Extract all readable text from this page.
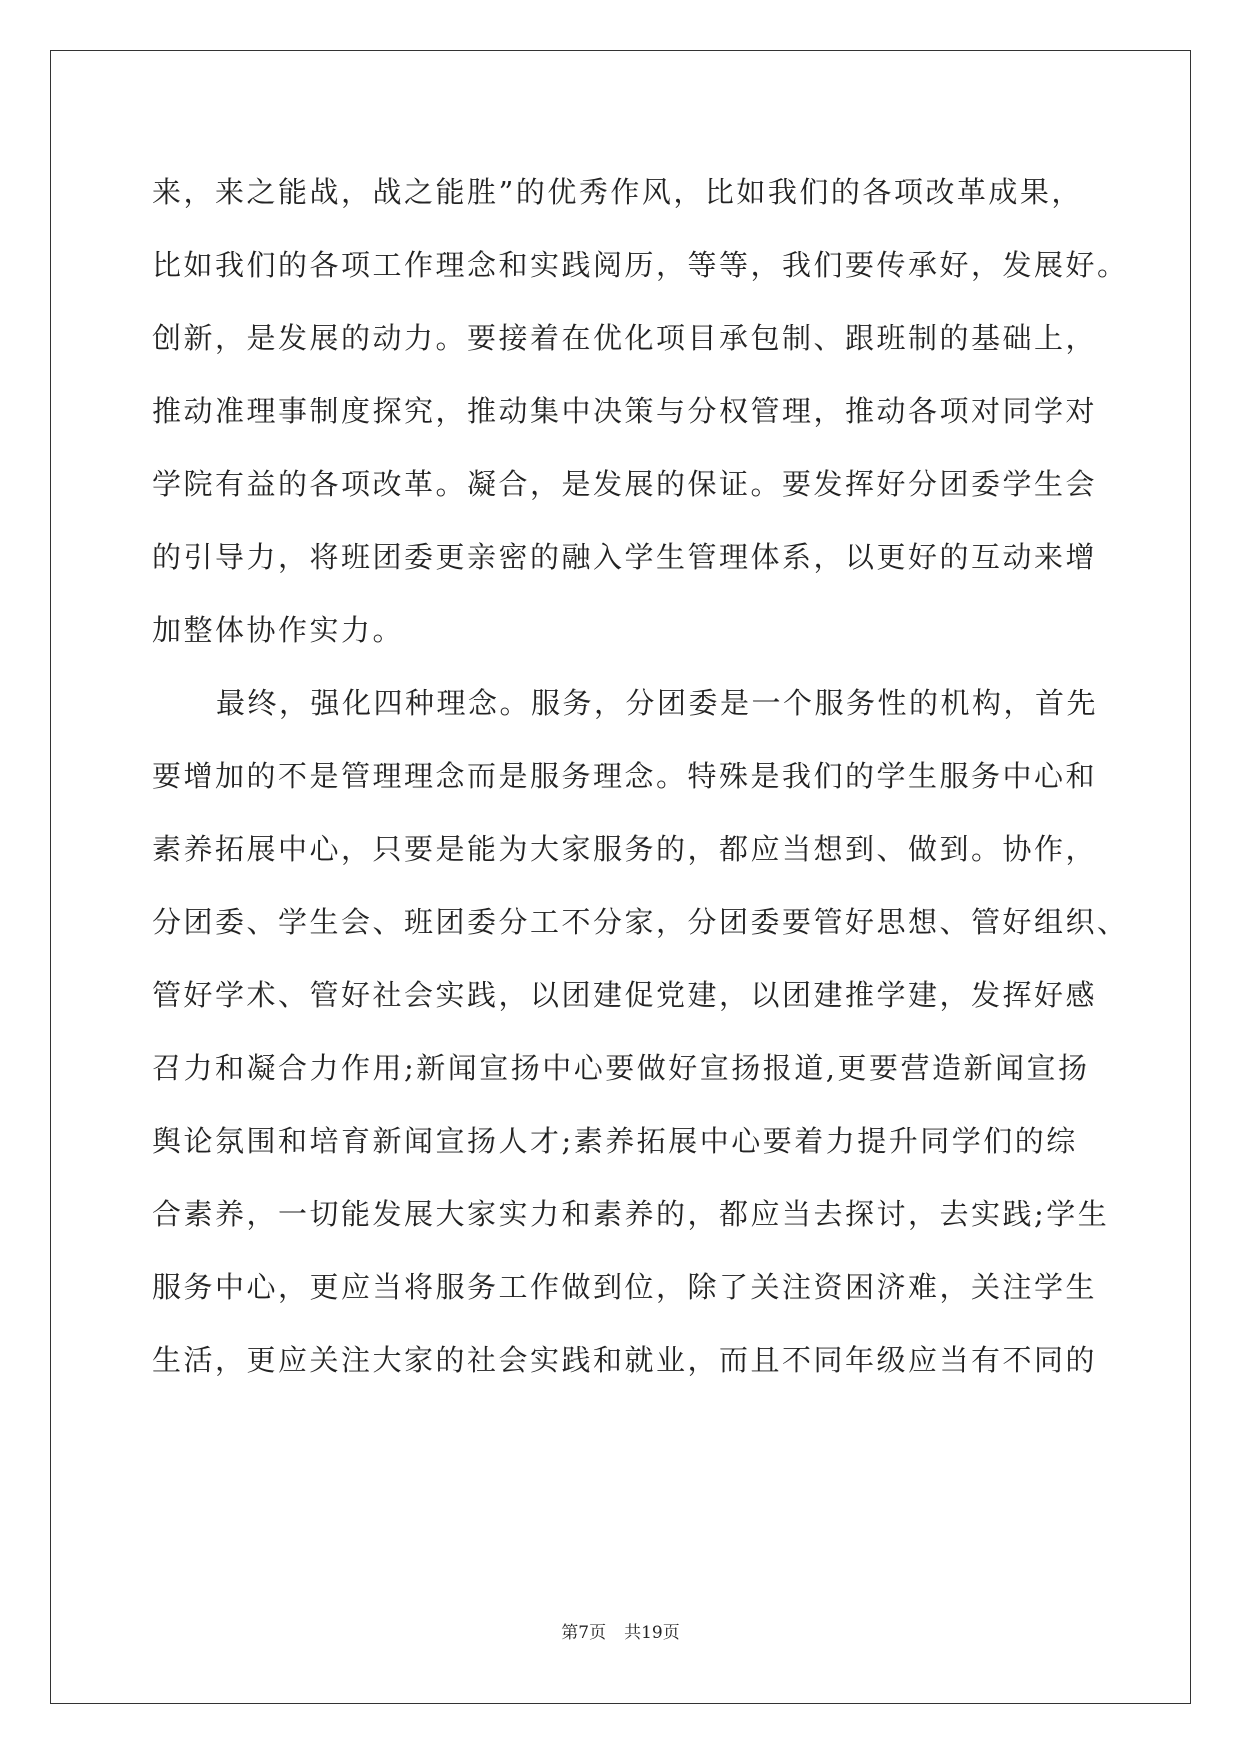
来，来之能战，战之能胜”的优秀作风，比如我们的各项改革成果，
比如我们的各项工作理念和实践阅历，等等，我们要传承好，发展好。
创新，是发展的动力。要接着在优化项目承包制、跟班制的基础上，
推动准理事制度探究，推动集中决策与分权管理，推动各项对同学对
学院有益的各项改革。凝合，是发展的保证。要发挥好分团委学生会
的引导力，将班团委更亲密的融入学生管理体系，以更好的互动来增
加整体协作实力。
最终，强化四种理念。服务，分团委是一个服务性的机构，首先
要增加的不是管理理念而是服务理念。特殊是我们的学生服务中心和
素养拓展中心，只要是能为大家服务的，都应当想到、做到。协作，
分团委、学生会、班团委分工不分家，分团委要管好思想、管好组织、
管好学术、管好社会实践，以团建促党建，以团建推学建，发挥好感
召力和凝合力作用;新闻宣扬中心要做好宣扬报道,更要营造新闻宣扬
舆论氛围和培育新闻宣扬人才;素养拓展中心要着力提升同学们的综
合素养，一切能发展大家实力和素养的，都应当去探讨，去实践;学生
服务中心，更应当将服务工作做到位，除了关注资困济难，关注学生
生活，更应关注大家的社会实践和就业，而且不同年级应当有不同的
第7页 共19页
